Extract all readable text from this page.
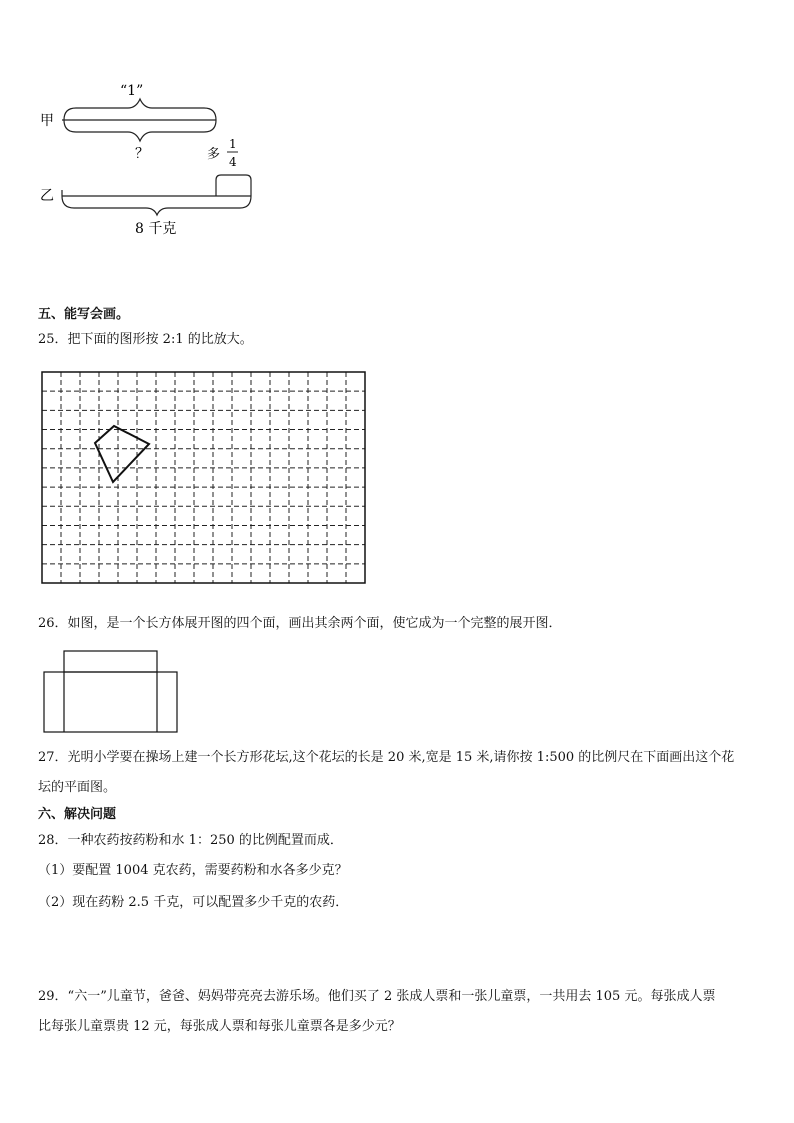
甲
乙
“1”
？	多
1
4
8 千克
五、能写会画。
25．把下面的图形按 2:1 的比放大。
26．如图，是一个长方体展开图的四个面，画出其余两个面，使它成为一个完整的展开图．
27．光明小学要在操场上建一个长方形花坛,这个花坛的长是 20 米,宽是 15 米,请你按 1:500 的比例尺在下面画出这个花
坛的平面图。
六、解决问题
28．一种农药按药粉和水 1：250 的比例配置而成．
（1）要配置 1004 克农药，需要药粉和水各多少克？
（2）现在药粉 2.5 千克，可以配置多少千克的农药．
29．“六一”儿童节，爸爸、妈妈带亮亮去游乐场。他们买了 2 张成人票和一张儿童票，一共用去 105 元。每张成人票
比每张儿童票贵 12 元，每张成人票和每张儿童票各是多少元？
